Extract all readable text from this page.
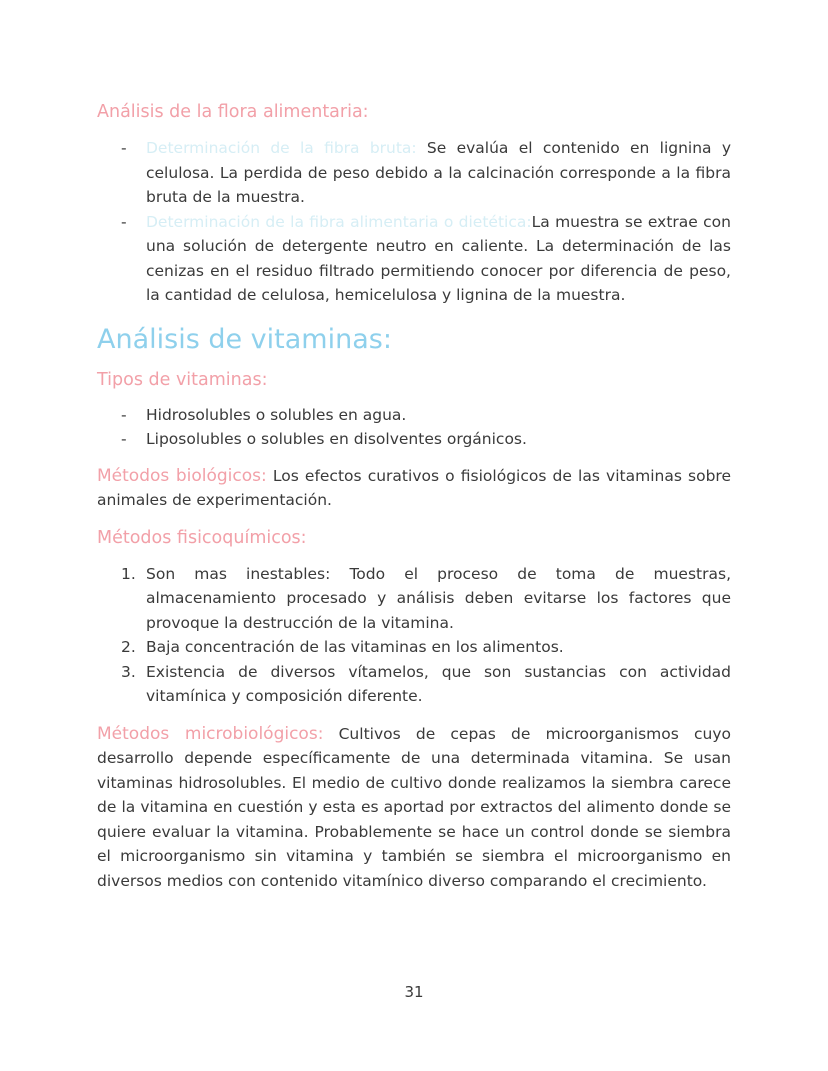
Análisis de la flora alimentaria:
- Determinación de la fibra bruta: Se evalúa el contenido en lignina y celulosa. La perdida de peso debido a la calcinación corresponde a la fibra bruta de la muestra.
- Determinación de la fibra alimentaria o dietética:La muestra se extrae con una solución de detergente neutro en caliente. La determinación de las cenizas en el residuo filtrado permitiendo conocer por diferencia de peso, la cantidad de celulosa, hemicelulosa y lignina de la muestra.
Análisis de vitaminas:
Tipos de vitaminas:
- Hidrosolubles o solubles en agua.
- Liposolubles o solubles en disolventes orgánicos.

Métodos biológicos: Los efectos curativos o fisiológicos de las vitaminas sobre animales de experimentación.

Métodos fisicoquímicos:
1. Son mas inestables: Todo el proceso de toma de muestras, almacenamiento procesado y análisis deben evitarse los factores que provoque la destrucción de la vitamina.
2. Baja concentración de las vitaminas en los alimentos.
3. Existencia de diversos vítamelos, que son sustancias con actividad vitamínica y composición diferente.

Métodos microbiológicos: Cultivos de cepas de microorganismos cuyo desarrollo depende específicamente de una determinada vitamina. Se usan vitaminas hidrosolubles. El medio de cultivo donde realizamos la siembra carece de la vitamina en cuestión y esta es aportad por extractos del alimento donde se quiere evaluar la vitamina. Probablemente se hace un control donde se siembra el microorganismo sin vitamina y también se siembra el microorganismo en diversos medios con contenido vitamínico diverso comparando el crecimiento.

31
